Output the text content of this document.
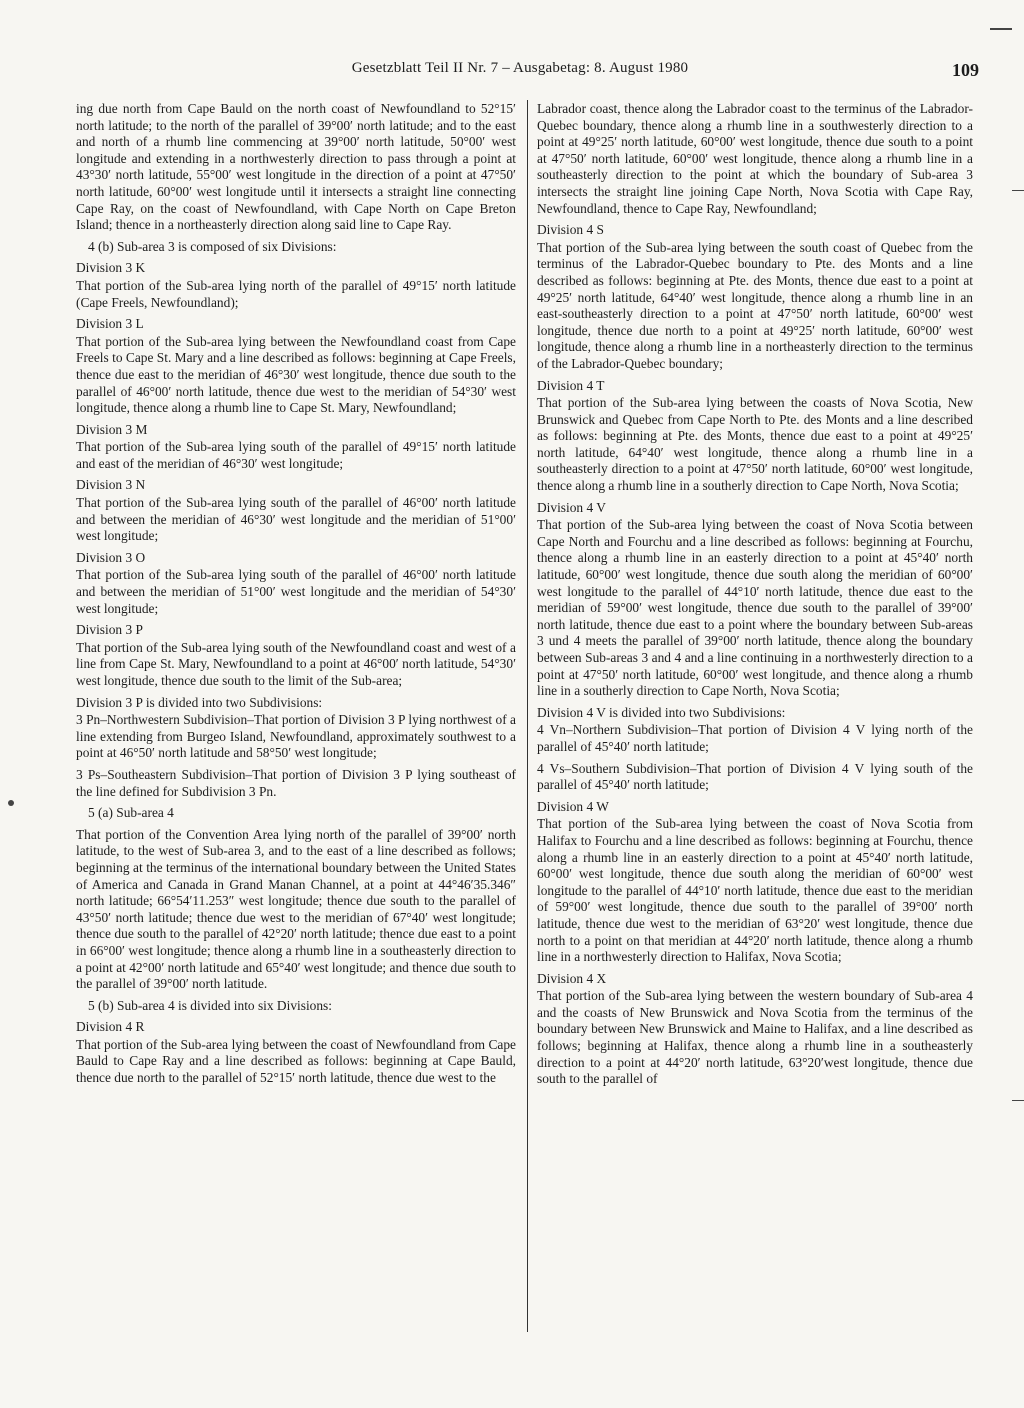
Gesetzblatt Teil II Nr. 7 – Ausgabetag: 8. August 1980	109

ing due north from Cape Bauld on the north coast of Newfoundland to 52°15′ north latitude; to the north of the parallel of 39°00′ north latitude; and to the east and north of a rhumb line commencing at 39°00′ north latitude, 50°00′ west longitude and extending in a northwesterly direction to pass through a point at 43°30′ north latitude, 55°00′ west longitude in the direction of a point at 47°50′ north latitude, 60°00′ west longitude until it intersects a straight line connecting Cape Ray, on the coast of Newfoundland, with Cape North on Cape Breton Island; thence in a northeasterly direction along said line to Cape Ray.

4 (b) Sub-area 3 is composed of six Divisions:

Division 3 K

That portion of the Sub-area lying north of the parallel of 49°15′ north latitude (Cape Freels, Newfoundland);

Division 3 L

That portion of the Sub-area lying between the Newfoundland coast from Cape Freels to Cape St. Mary and a line described as follows: beginning at Cape Freels, thence due east to the meridian of 46°30′ west longitude, thence due south to the parallel of 46°00′ north latitude, thence due west to the meridian of 54°30′ west longitude, thence along a rhumb line to Cape St. Mary, Newfoundland;

Division 3 M

That portion of the Sub-area lying south of the parallel of 49°15′ north latitude and east of the meridian of 46°30′ west longitude;

Division 3 N

That portion of the Sub-area lying south of the parallel of 46°00′ north latitude and between the meridian of 46°30′ west longitude and the meridian of 51°00′ west longitude;

Division 3 O

That portion of the Sub-area lying south of the parallel of 46°00′ north latitude and between the meridian of 51°00′ west longitude and the meridian of 54°30′ west longitude;

Division 3 P

That portion of the Sub-area lying south of the Newfoundland coast and west of a line from Cape St. Mary, Newfoundland to a point at 46°00′ north latitude, 54°30′ west longitude, thence due south to the limit of the Sub-area;

Division 3 P is divided into two Subdivisions:

3 Pn–Northwestern Subdivision–That portion of Division 3 P lying northwest of a line extending from Burgeo Island, Newfoundland, approximately southwest to a point at 46°50′ north latitude and 58°50′ west longitude;

3 Ps–Southeastern Subdivision–That portion of Division 3 P lying southeast of the line defined for Subdivision 3 Pn.

5 (a) Sub-area 4

That portion of the Convention Area lying north of the parallel of 39°00′ north latitude, to the west of Sub-area 3, and to the east of a line described as follows; beginning at the terminus of the international boundary between the United States of America and Canada in Grand Manan Channel, at a point at 44°46′35.346″ north latitude; 66°54′11.253″ west longitude; thence due south to the parallel of 43°50′ north latitude; thence due west to the meridian of 67°40′ west longitude; thence due south to the parallel of 42°20′ north latitude; thence due east to a point in 66°00′ west longitude; thence along a rhumb line in a southeasterly direction to a point at 42°00′ north latitude and 65°40′ west longitude; and thence due south to the parallel of 39°00′ north latitude.

5 (b) Sub-area 4 is divided into six Divisions:

Division 4 R

That portion of the Sub-area lying between the coast of Newfoundland from Cape Bauld to Cape Ray and a line described as follows: beginning at Cape Bauld, thence due north to the parallel of 52°15′ north latitude, thence due west to the

Labrador coast, thence along the Labrador coast to the terminus of the Labrador-Quebec boundary, thence along a rhumb line in a southwesterly direction to a point at 49°25′ north latitude, 60°00′ west longitude, thence due south to a point at 47°50′ north latitude, 60°00′ west longitude, thence along a rhumb line in a southeasterly direction to the point at which the boundary of Sub-area 3 intersects the straight line joining Cape North, Nova Scotia with Cape Ray, Newfoundland, thence to Cape Ray, Newfoundland;

Division 4 S

That portion of the Sub-area lying between the south coast of Quebec from the terminus of the Labrador-Quebec boundary to Pte. des Monts and a line described as follows: beginning at Pte. des Monts, thence due east to a point at 49°25′ north latitude, 64°40′ west longitude, thence along a rhumb line in an east-southeasterly direction to a point at 47°50′ north latitude, 60°00′ west longitude, thence due north to a point at 49°25′ north latitude, 60°00′ west longitude, thence along a rhumb line in a northeasterly direction to the terminus of the Labrador-Quebec boundary;

Division 4 T

That portion of the Sub-area lying between the coasts of Nova Scotia, New Brunswick and Quebec from Cape North to Pte. des Monts and a line described as follows: beginning at Pte. des Monts, thence due east to a point at 49°25′ north latitude, 64°40′ west longitude, thence along a rhumb line in a southeasterly direction to a point at 47°50′ north latitude, 60°00′ west longitude, thence along a rhumb line in a southerly direction to Cape North, Nova Scotia;

Division 4 V

That portion of the Sub-area lying between the coast of Nova Scotia between Cape North and Fourchu and a line described as follows: beginning at Fourchu, thence along a rhumb line in an easterly direction to a point at 45°40′ north latitude, 60°00′ west longitude, thence due south along the meridian of 60°00′ west longitude to the parallel of 44°10′ north latitude, thence due east to the meridian of 59°00′ west longitude, thence due south to the parallel of 39°00′ north latitude, thence due east to a point where the boundary between Sub-areas 3 und 4 meets the parallel of 39°00′ north latitude, thence along the boundary between Sub-areas 3 and 4 and a line continuing in a northwesterly direction to a point at 47°50′ north latitude, 60°00′ west longitude, and thence along a rhumb line in a southerly direction to Cape North, Nova Scotia;

Division 4 V is divided into two Subdivisions:

4 Vn–Northern Subdivision–That portion of Division 4 V lying north of the parallel of 45°40′ north latitude;

4 Vs–Southern Subdivision–That portion of Division 4 V lying south of the parallel of 45°40′ north latitude;

Division 4 W

That portion of the Sub-area lying between the coast of Nova Scotia from Halifax to Fourchu and a line described as follows: beginning at Fourchu, thence along a rhumb line in an easterly direction to a point at 45°40′ north latitude, 60°00′ west longitude, thence due south along the meridian of 60°00′ west longitude to the parallel of 44°10′ north latitude, thence due east to the meridian of 59°00′ west longitude, thence due south to the parallel of 39°00′ north latitude, thence due west to the meridian of 63°20′ west longitude, thence due north to a point on that meridian at 44°20′ north latitude, thence along a rhumb line in a northwesterly direction to Halifax, Nova Scotia;

Division 4 X

That portion of the Sub-area lying between the western boundary of Sub-area 4 and the coasts of New Brunswick and Nova Scotia from the terminus of the boundary between New Brunswick and Maine to Halifax, and a line described as follows; beginning at Halifax, thence along a rhumb line in a southeasterly direction to a point at 44°20′ north latitude, 63°20′west longitude, thence due south to the parallel of
